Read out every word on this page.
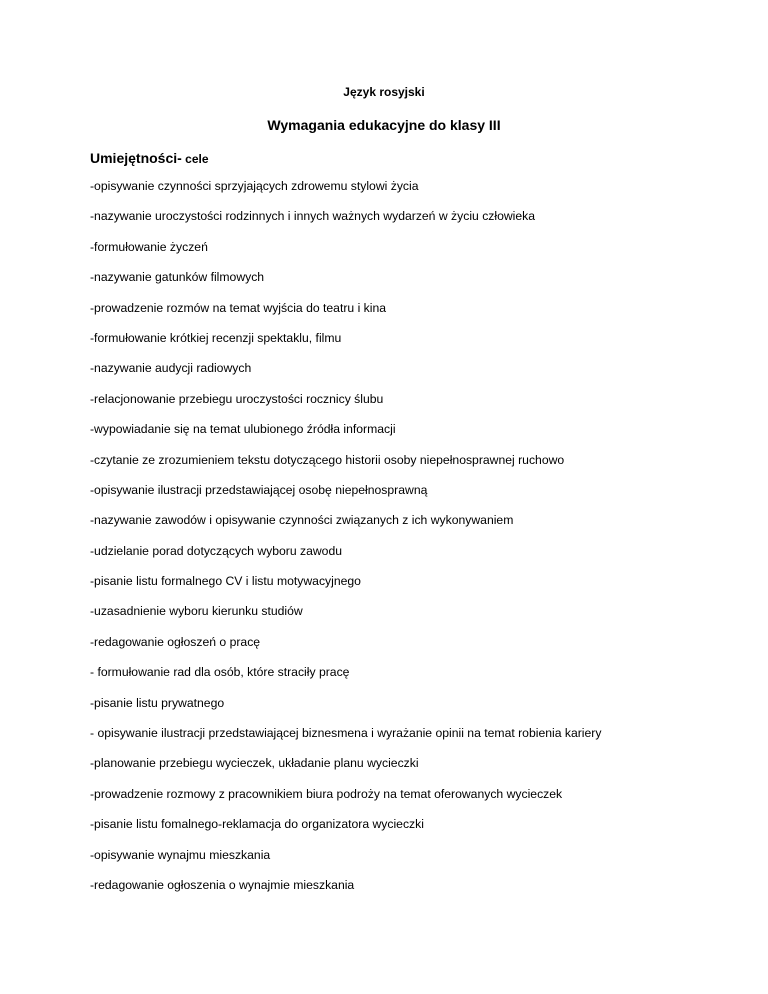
Język rosyjski
Wymagania edukacyjne do klasy III
Umiejętności- cele
-opisywanie czynności sprzyjających zdrowemu stylowi życia
-nazywanie uroczystości rodzinnych i innych ważnych wydarzeń w życiu człowieka
-formułowanie życzeń
-nazywanie gatunków filmowych
-prowadzenie rozmów na temat wyjścia do teatru i kina
-formułowanie krótkiej recenzji spektaklu, filmu
-nazywanie audycji radiowych
-relacjonowanie przebiegu uroczystości rocznicy ślubu
-wypowiadanie się na temat ulubionego źródła informacji
-czytanie ze zrozumieniem tekstu dotyczącego historii osoby niepełnosprawnej ruchowo
-opisywanie ilustracji przedstawiającej osobę niepełnosprawną
-nazywanie zawodów i opisywanie czynności związanych z ich wykonywaniem
-udzielanie porad dotyczących wyboru zawodu
-pisanie listu formalnego CV i listu motywacyjnego
-uzasadnienie wyboru kierunku studiów
-redagowanie ogłoszeń o pracę
- formułowanie rad dla osób, które straciły pracę
-pisanie listu prywatnego
- opisywanie ilustracji przedstawiającej biznesmena i wyrażanie opinii na temat robienia kariery
-planowanie przebiegu wycieczek, układanie planu wycieczki
-prowadzenie rozmowy z pracownikiem biura podroży na temat oferowanych wycieczek
-pisanie listu fomalnego-reklamacja do organizatora wycieczki
-opisywanie wynajmu mieszkania
-redagowanie ogłoszenia o wynajmie mieszkania
